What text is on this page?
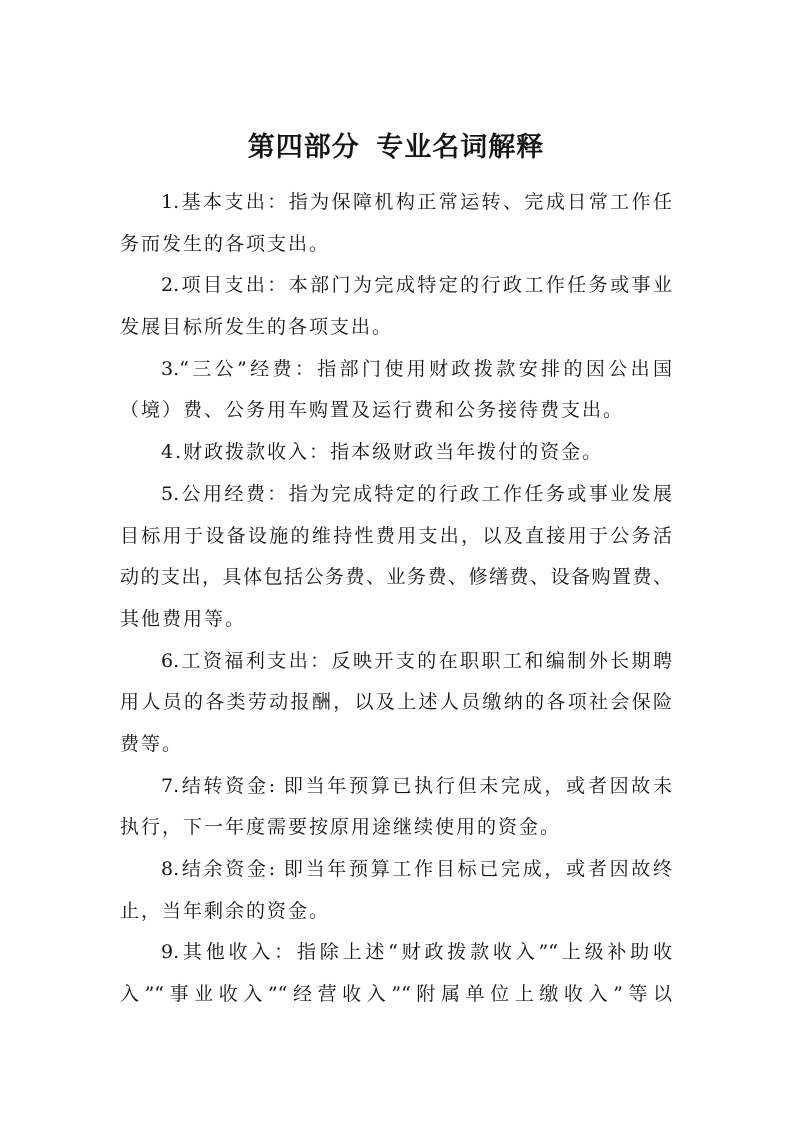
第四部分 专业名词解释
1.基本支出：指为保障机构正常运转、完成日常工作任
务而发生的各项支出。
2.项目支出：本部门为完成特定的行政工作任务或事业
发展目标所发生的各项支出。
3.“三公”经费：指部门使用财政拨款安排的因公出国
（境）费、公务用车购置及运行费和公务接待费支出。
4.财政拨款收入：指本级财政当年拨付的资金。
5.公用经费：指为完成特定的行政工作任务或事业发展
目标用于设备设施的维持性费用支出，以及直接用于公务活
动的支出，具体包括公务费、业务费、修缮费、设备购置费、
其他费用等。
6.工资福利支出：反映开支的在职职工和编制外长期聘
用人员的各类劳动报酬，以及上述人员缴纳的各项社会保险
费等。
7.结转资金: 即当年预算已执行但未完成，或者因故未
执行，下一年度需要按原用途继续使用的资金。
8.结余资金: 即当年预算工作目标已完成，或者因故终
止，当年剩余的资金。
9.其他收入：指除上述“财政拨款收入”“上级补助收
入”“事业收入”“经营收入”“附属单位上缴收入”等以
